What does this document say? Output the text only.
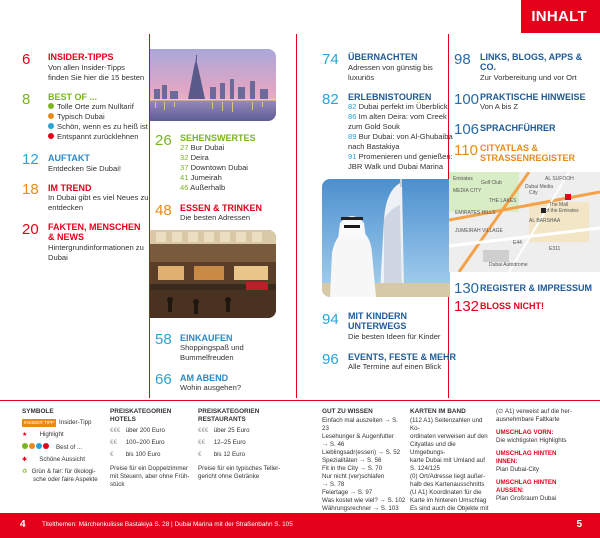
INHALT
6 INSIDER-TIPPS
Von allen Insider-Tipps
finden Sie hier die 15 besten
8 BEST OF ...
Tolle Orte zum Nulltarif
Typisch Dubai
Schön, wenn es zu heiß ist
Entspannt zurücklehnen
12 AUFTAKT
Entdecken Sie Dubai!
18 IM TREND
In Dubai gibt es viel Neues zu
entdecken
20 FAKTEN, MENSCHEN & NEWS
Hintergrundinformationen zu
Dubai
26 SEHENSWERTES
27 Bur Dubai
32 Deira
37 Downtown Dubai
41 Jumeirah
46 Außerhalb
48 ESSEN & TRINKEN
Die besten Adressen
58 EINKAUFEN
Shoppingspaß und
Bummelfreuden
66 AM ABEND
Wohin ausgehen?
74 ÜBERNACHTEN
Adressen von günstig bis
luxuriös
82 ERLEBNISTOUREN
82 Dubai perfekt im Überblick
86 Im alten Deira: vom Creek
zum Gold Souk
89 Bur Dubai: von Al-Ghubaiba
nach Bastakiya
91 Promenieren und genießen:
JBR Walk und Dubai Marina
94 MIT KINDERN UNTERWEGS
Die besten Ideen für Kinder
96 EVENTS, FESTE & MEHR
Alle Termine auf einen Blick
98 LINKS, BLOGS, APPS & CO.
Zur Vorbereitung und vor Ort
100 PRAKTISCHE HINWEISE
Von A bis Z
106 SPRACHFÜHRER
110 CITYATLAS & STRASSENREGISTER
Emirates
Golf Club
AL SUFOOH
Dubai Media
City
MEDIA CITY
THE LAKES
EMIRATES HILLS
The Mall
of the Emirates
AL BARSHAA
JUMEIRAH VILLAGE
Dubai Autodrome
E44
E311
130 REGISTER & IMPRESSUM
132 BLOSS NICHT!
SYMBOLE
INSIDER TIPP Insider-Tipp
★ Highlight
Best of ...
✱ Schöne Aussicht
♻ Grün & fair: für ökologi-
sche oder faire Aspekte
PREISKATEGORIEN
HOTELS
€€€ über 200 Euro
€€ 100–200 Euro
€ bis 100 Euro
Preise für ein Doppelzimmer
mit Steuern, aber ohne Früh-
stück
PREISKATEGORIEN
RESTAURANTS
€€€ über 25 Euro
€€ 12–25 Euro
€ bis 12 Euro
Preise für ein typisches Teller-
gericht ohne Getränke
GUT ZU WISSEN
Einfach mal auszeiten → S. 23
Lesehunger & Augenfutter
→ S. 46
Lieblingsadr(essen) → S. 52
Spezialitäten → S. 56
Fit in the City → S. 70
Nur nicht (ver)schlafen
→ S. 78
Feiertage → S. 97
Was kostet wie viel? → S. 102
Währungsrechner → S. 103
KARTEN IM BAND
(112 A1) Seitenzahlen und Ko-
ordinaten verweisen auf den
Cityatlas und die Umgebungs-
karte Dubai mit Umland auf S. 124/125
(0) Ort/Adresse liegt außer-
halb des Kartenausschnitts
(U A1) Koordinaten für die
Karte im hinteren Umschlag
Es sind auch die Objekte mit
(∅ A1) verweist auf die her-
ausnehmbare Faltkarte
UMSCHLAG VORN:
Die wichtigsten Highlights
UMSCHLAG HINTEN
INNEN:
Plan Dubai-City
UMSCHLAG HINTEN
AUSSEN:
Plan Großraum Dubai
4	Titelthemen: Märchenkulisse Bastakiya S. 28 | Dubai Marina mit der Straßenbahn S. 105	5
